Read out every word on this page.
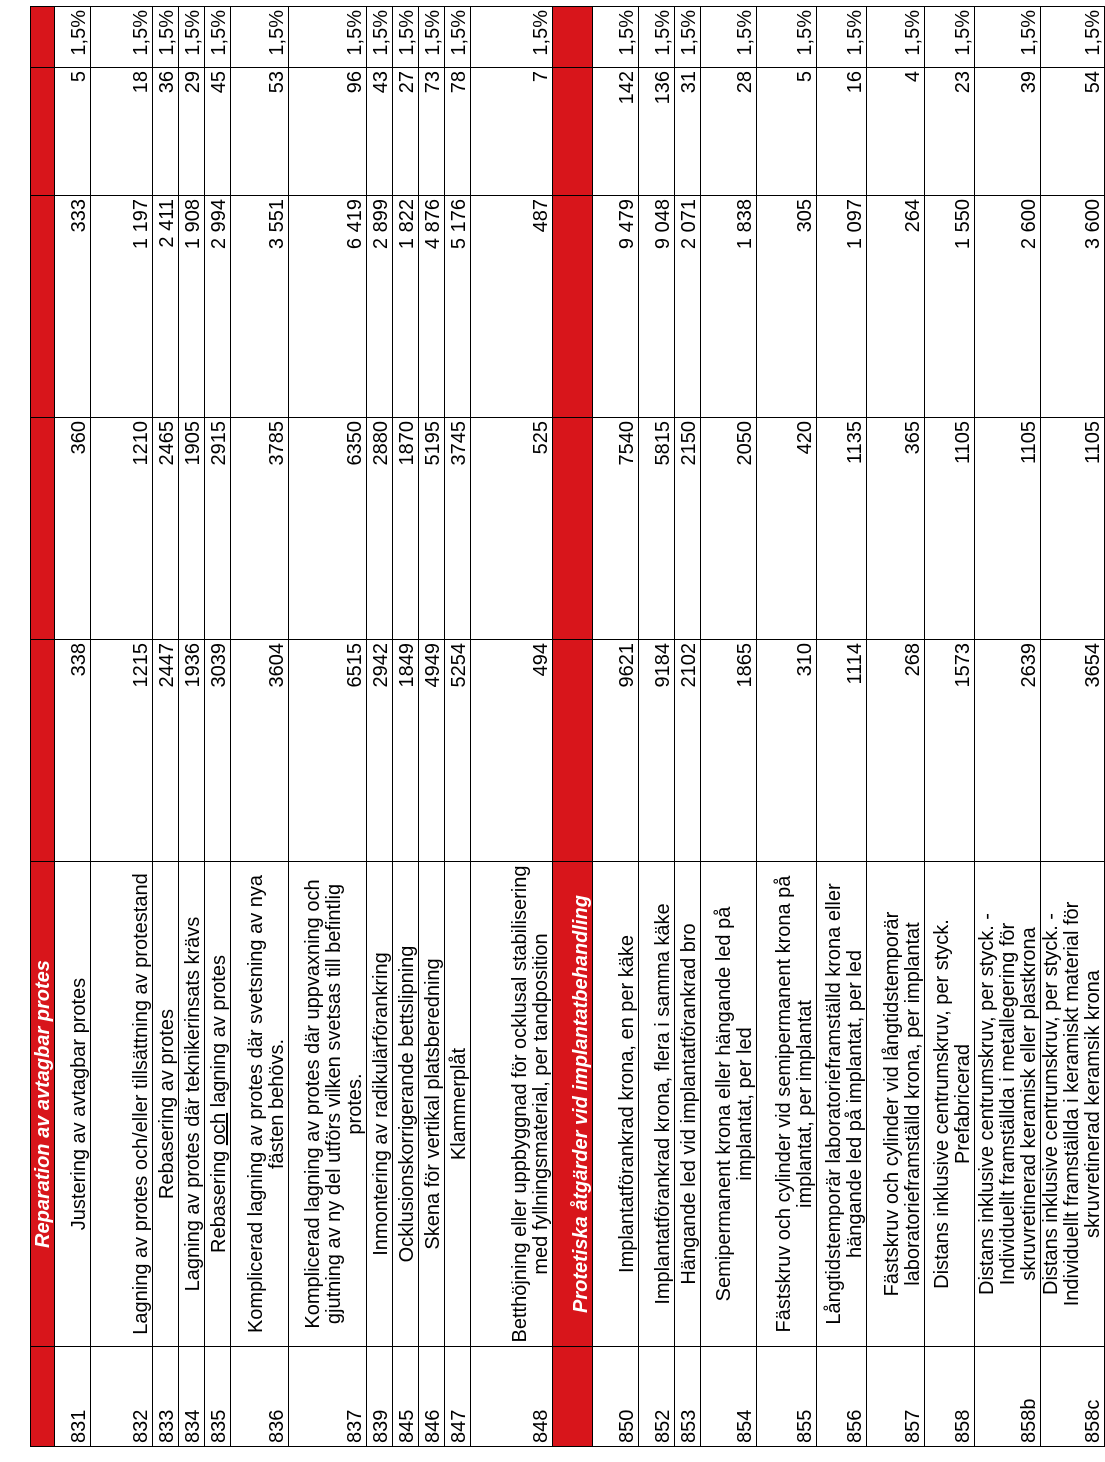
	Reparation av avtagbar protes					
831	Justering av avtagbar protes	338	360	333	5	1,5%
832	Lagning av protes och/eller tillsättning av protestand	1215	1210	1 197	18	1,5%
833	Rebasering av protes	2447	2465	2 411	36	1,5%
834	Lagning av protes där teknikerinsats krävs	1936	1905	1 908	29	1,5%
835	Rebasering och lagning av protes	3039	2915	2 994	45	1,5%
836	Komplicerad lagning av protes där svetsning av nya fästen behövs.	3604	3785	3 551	53	1,5%
837	Komplicerad lagning av protes där uppvaxning och gjutning av ny del utförs vilken svetsas till befintlig protes.	6515	6350	6 419	96	1,5%
839	Inmontering av radikulärförankring	2942	2880	2 899	43	1,5%
845	Ocklusionskorrigerande bettslipning	1849	1870	1 822	27	1,5%
846	Skena för vertikal platsberedning	4949	5195	4 876	73	1,5%
847	Klammerplåt	5254	3745	5 176	78	1,5%
848	Betthöjning eller uppbyggnad för ocklusal stabilisering med fyllningsmaterial, per tandposition	494	525	487	7	1,5%
	Protetiska åtgärder vid implantatbehandling					
850	Implantatförankrad krona, en per käke	9621	7540	9 479	142	1,5%
852	Implantatförankrad krona, flera i samma käke	9184	5815	9 048	136	1,5%
853	Hängande led vid implantatförankrad bro	2102	2150	2 071	31	1,5%
854	Semipermanent krona eller hängande led på implantat, per led	1865	2050	1 838	28	1,5%
855	Fästskruv och cylinder vid semipermanent krona på implantat, per implantat	310	420	305	5	1,5%
856	Långtidstemporär laboratorieframställd krona eller hängande led på implantat, per led	1114	1135	1 097	16	1,5%
857	Fästskruv och cylinder vid långtidstemporär laboratorieframställd krona, per implantat	268	365	264	4	1,5%
858	Distans inklusive centrumskruv, per styck. Prefabricerad	1573	1105	1 550	23	1,5%
858b	Distans inklusive centrumskruv, per styck. - Individuellt framställda i metallegering för skruvretinerad keramisk eller plastkrona	2639	1105	2 600	39	1,5%
858c	Distans inklusive centrumskruv, per styck. - Individuellt framställda i keramiskt material för skruvretinerad keramsik krona	3654	1105	3 600	54	1,5%
